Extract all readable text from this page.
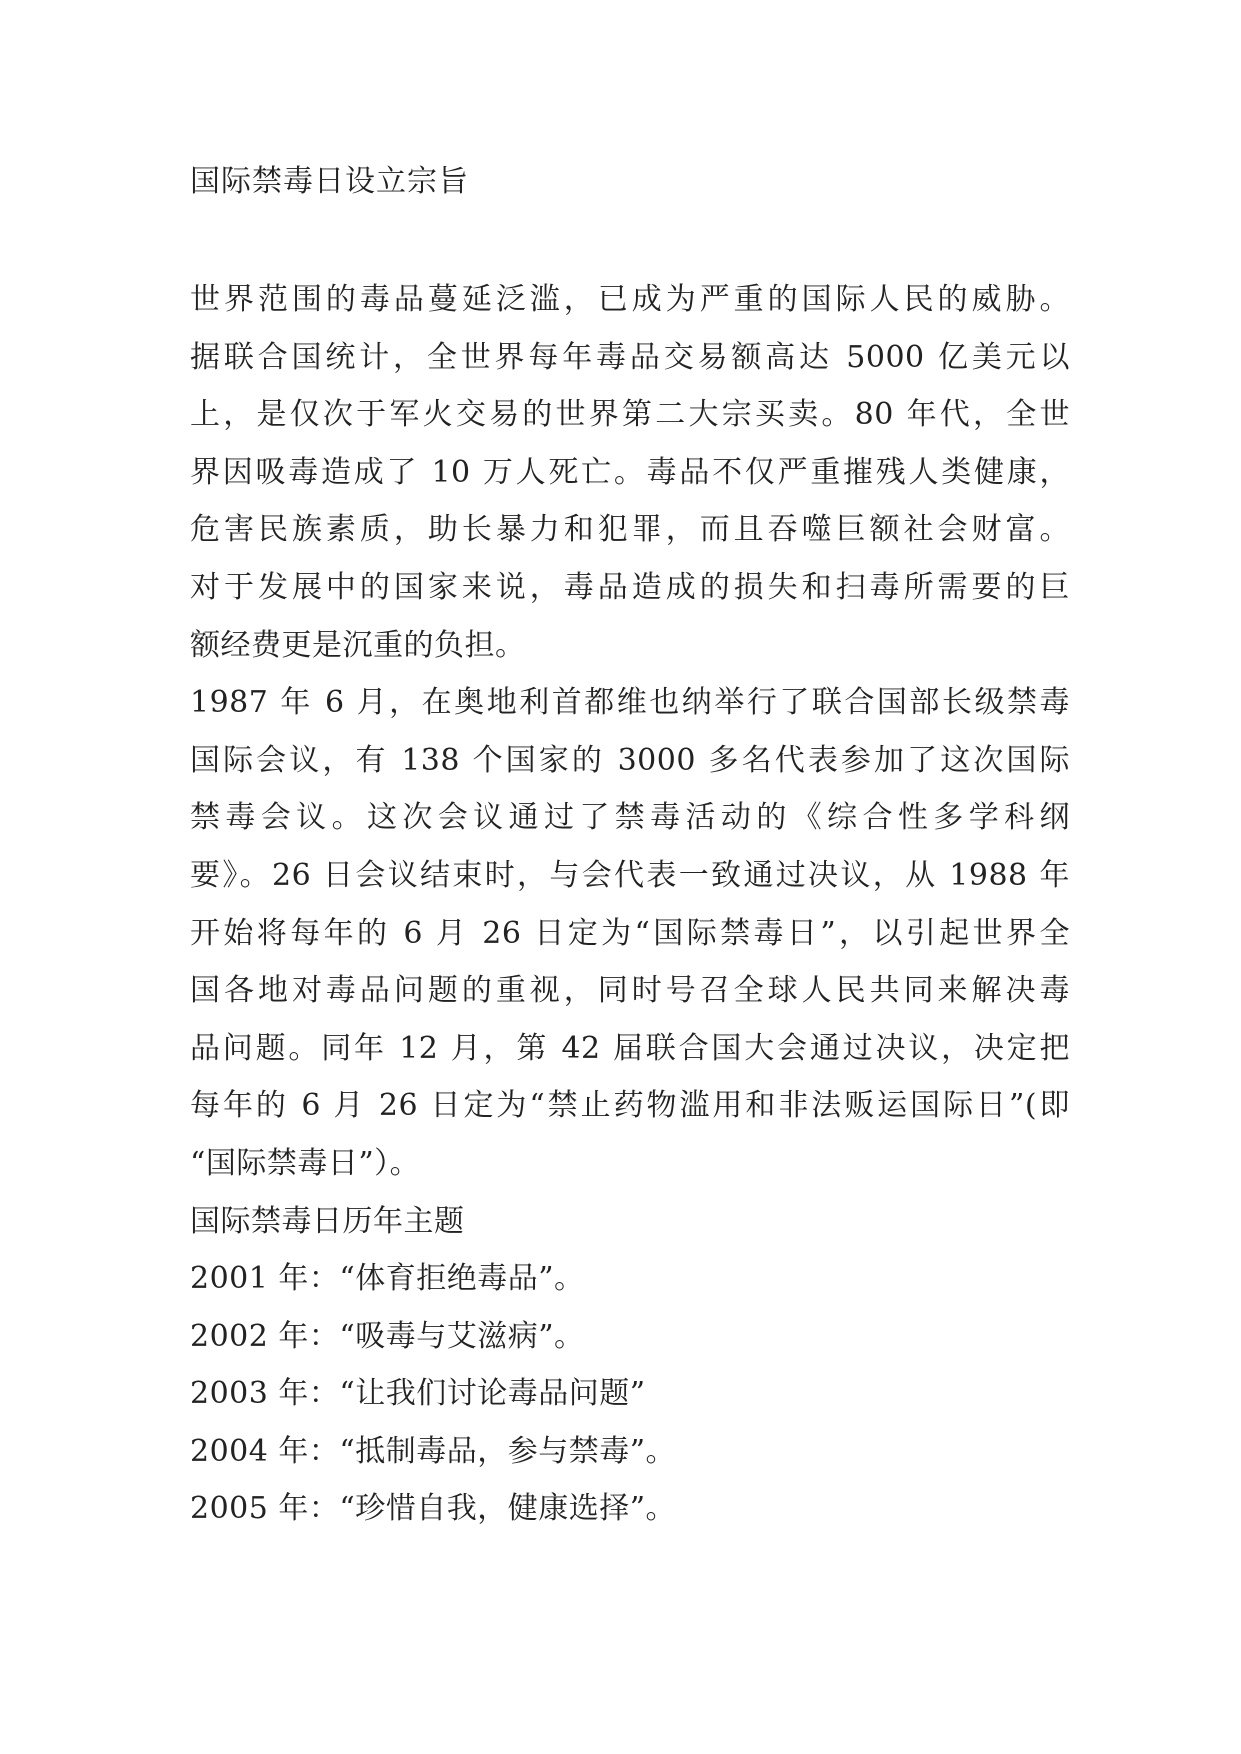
国际禁毒日设立宗旨
世界范围的毒品蔓延泛滥，已成为严重的国际人民的威胁。
据联合国统计，全世界每年毒品交易额高达 5000 亿美元以
上，是仅次于军火交易的世界第二大宗买卖。80 年代，全世
界因吸毒造成了 10 万人死亡。毒品不仅严重摧残人类健康，
危害民族素质，助长暴力和犯罪，而且吞噬巨额社会财富。
对于发展中的国家来说，毒品造成的损失和扫毒所需要的巨
额经费更是沉重的负担。
1987 年 6 月，在奥地利首都维也纳举行了联合国部长级禁毒
国际会议，有 138 个国家的 3000 多名代表参加了这次国际
禁毒会议。这次会议通过了禁毒活动的《综合性多学科纲
要》。26 日会议结束时，与会代表一致通过决议，从 1988 年
开始将每年的 6 月 26 日定为“国际禁毒日”，以引起世界全
国各地对毒品问题的重视，同时号召全球人民共同来解决毒
品问题。同年 12 月，第 42 届联合国大会通过决议，决定把
每年的 6 月 26 日定为“禁止药物滥用和非法贩运国际日”(即
“国际禁毒日”）。
国际禁毒日历年主题
2001 年：“体育拒绝毒品”。
2002 年：“吸毒与艾滋病”。
2003 年：“让我们讨论毒品问题”
2004 年：“抵制毒品，参与禁毒”。
2005 年：“珍惜自我，健康选择”。
